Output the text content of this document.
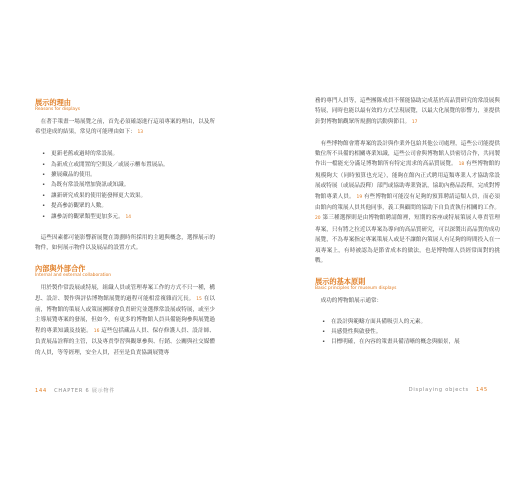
展示的理由

Reasons for displays

在著手策畫一場展覽之前，首先必須確認進行這項專案的理由，以及所希望達成的結果，常見的可能理由如下： 13

• 更新老舊或過時的常設展。
• 為新成立或閒置的空間及／或展示櫃布置展品。
• 擴展藏品的使用。
• 為既有常設展增加資訊或知識。
• 讓新研究成果的使用能發揮更大效果。
• 提高參訪觀眾的人數。
• 讓參訪的觀眾類型更加多元。 14

這些因素都可能影響新展覽在籌劃時所採用的主題與概念，選擇展示的物件，如何展示物件以及展品的設置方式。

內部與外部合作

Internal and external collaboration

用於製作常設展或特展，組織人員或管理專案工作的方式不只一種，構思、設計、製作與評估博物館展覽的過程可能相當複雜而冗長。 15 在以前，博物館的策展人或策展團隊會負責研究並選擇常設展或特展，或至少主導展覽專案的發展，但如今，有更多的博物館人員具備能夠參與展覽過程的專業知識及技能。 16 這些包括藏品人員、保存修護人員、設計師、負責展品詮釋的主管，以及專責學習與觀眾參與、行銷、公關與社交媒體的人員，等等經理，安全人員，甚至是負責協調展覽專

144 CHAPTER 6 展示物件

務的專門人員等，這些團隊成員不僅能協助完成基於高品質研究的常設展與特展，同時也能以最有效的方式呈現展覽，以最大化展覽的影響力，並提供針對博物館觀眾所規劃的活動與節目。 17

有些博物館會將專案的設計與作業外包給其他公司處理，這些公司能提供數位所不具備的相關專業知識，這些公司會與博物館人員密切合作，共同製作出一檔能充分滿足博物館所有特定需求的高品質展覽。 18 有些博物館的規模夠大（同時預算也充足），能夠在館內正式聘用這類專業人才協助常設展或特展（或展品設釋）部門或協助專業資訊，協助內務品設釋，完成對博物館專業人員。 19 有些博物館可能沒有足夠的預算聘請這類人員，而必須由館內的策展人員其他同事，義工與顧問的協助下自負責執行相關的工作。 20 第三種選擇則是由博物館聘請館裡，短期的客座或特展策展人專責管理專案，只有將之拉近以專案為導向的高品質研究，可以深製出高品質的成功展覽，不為專案指定專案策展人或是不讓館內策展人有足夠的時間投入在一項專案上，有時被認為是節省成本的做法，也是博物館人員經常面對的挑戰。

展示的基本原則

Basic principles for museum displays

成功的博物館展示通常：

• 在設計與範疇方面具備吸引人的元素。
• 具感覺性與啟發性。
• 目標明確，在內容的策畫具備清晰的概念與願景，展
Displaying objects 145
